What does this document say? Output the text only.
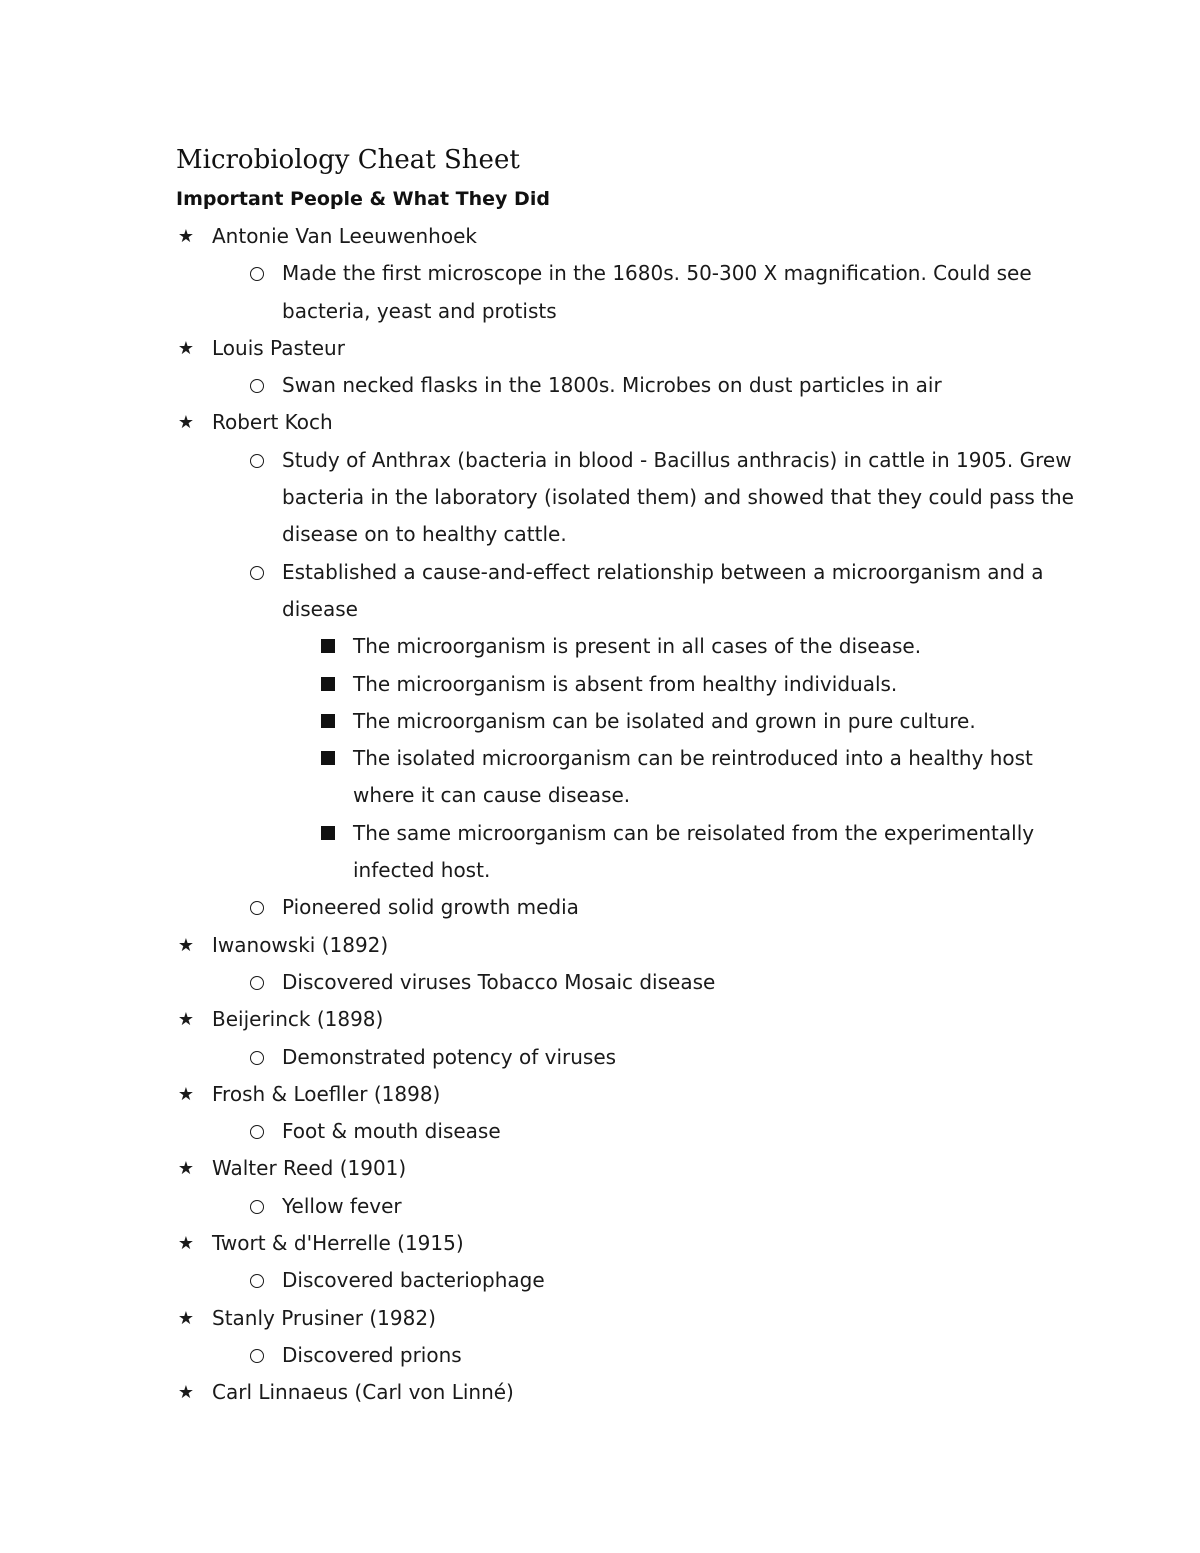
Microbiology Cheat Sheet
Important People & What They Did
★ Antonie Van Leeuwenhoek
Made the first microscope in the 1680s. 50-300 X magnification. Could see bacteria, yeast and protists
★ Louis Pasteur
Swan necked flasks in the 1800s. Microbes on dust particles in air
★ Robert Koch
Study of Anthrax (bacteria in blood - Bacillus anthracis) in cattle in 1905. Grew bacteria in the laboratory (isolated them) and showed that they could pass the disease on to healthy cattle.
Established a cause-and-effect relationship between a microorganism and a disease
The microorganism is present in all cases of the disease.
The microorganism is absent from healthy individuals.
The microorganism can be isolated and grown in pure culture.
The isolated microorganism can be reintroduced into a healthy host where it can cause disease.
The same microorganism can be reisolated from the experimentally infected host.
Pioneered solid growth media
★ Iwanowski (1892)
Discovered viruses Tobacco Mosaic disease
★ Beijerinck (1898)
Demonstrated potency of viruses
★ Frosh & Loefller (1898)
Foot & mouth disease
★ Walter Reed (1901)
Yellow fever
★ Twort & d'Herrelle (1915)
Discovered bacteriophage
★ Stanly Prusiner (1982)
Discovered prions
★ Carl Linnaeus (Carl von Linné)
